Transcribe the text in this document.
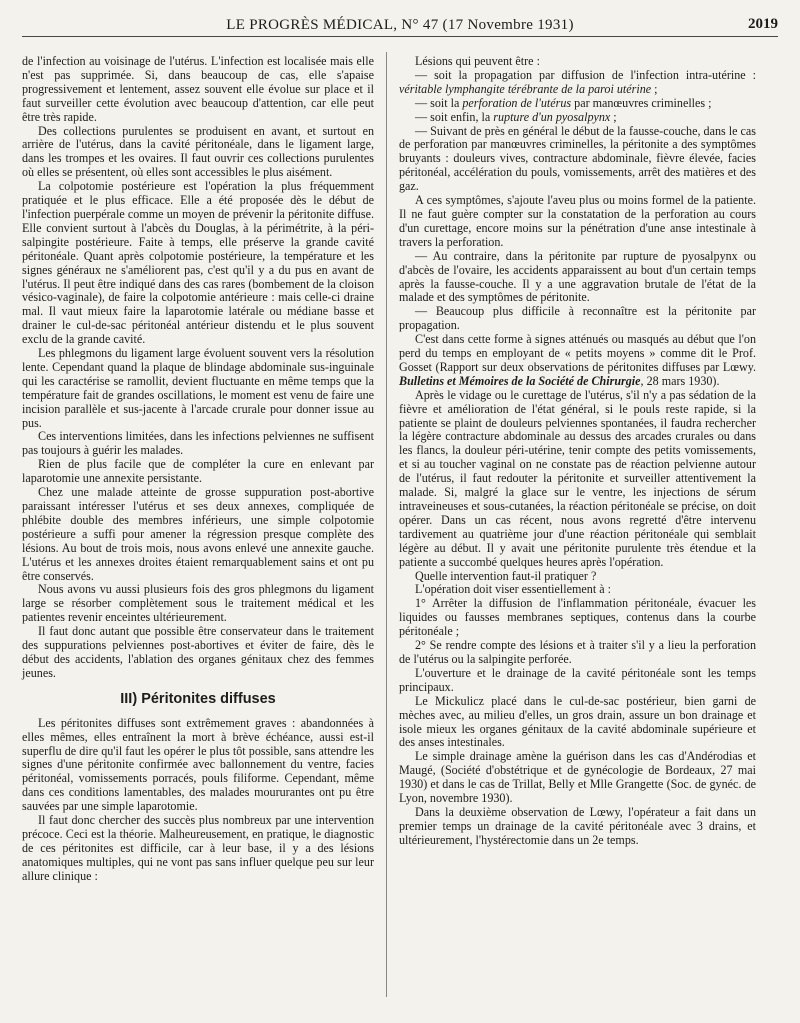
LE PROGRÈS MÉDICAL, N° 47 (17 Novembre 1931)	2019

de l'infection au voisinage de l'utérus. L'infection est localisée mais elle n'est pas supprimée. Si, dans beaucoup de cas, elle s'apaise progressivement et lentement, assez souvent elle évolue sur place et il faut surveiller cette évolution avec beaucoup d'attention, car elle peut être très rapide.

Des collections purulentes se produisent en avant, et surtout en arrière de l'utérus, dans la cavité péritonéale, dans le ligament large, dans les trompes et les ovaires. Il faut ouvrir ces collections purulentes où elles se présentent, où elles sont accessibles le plus aisément.

La colpotomie postérieure est l'opération la plus fréquemment pratiquée et le plus efficace. Elle a été proposée dès le début de l'infection puerpérale comme un moyen de prévenir la péritonite diffuse. Elle convient surtout à l'abcès du Douglas, à la périmétrite, à la péri-salpingite postérieure. Faite à temps, elle préserve la grande cavité péritonéale. Quant après colpotomie postérieure, la température et les signes généraux ne s'améliorent pas, c'est qu'il y a du pus en avant de l'utérus. Il peut être indiqué dans des cas rares (bombement de la cloison vésico-vaginale), de faire la colpotomie antérieure : mais celle-ci draine mal. Il vaut mieux faire la laparotomie latérale ou médiane basse et drainer le cul-de-sac péritonéal antérieur distendu et le plus souvent exclu de la grande cavité.

Les phlegmons du ligament large évoluent souvent vers la résolution lente. Cependant quand la plaque de blindage abdominale sus-inguinale qui les caractérise se ramollit, devient fluctuante en même temps que la température fait de grandes oscillations, le moment est venu de faire une incision parallèle et sus-jacente à l'arcade crurale pour donner issue au pus.

Ces interventions limitées, dans les infections pelviennes ne suffisent pas toujours à guérir les malades.

Rien de plus facile que de compléter la cure en enlevant par laparotomie une annexite persistante.

Chez une malade atteinte de grosse suppuration post-abortive paraissant intéresser l'utérus et ses deux annexes, compliquée de phlébite double des membres inférieurs, une simple colpotomie postérieure a suffi pour amener la régression presque complète des lésions. Au bout de trois mois, nous avons enlevé une annexite gauche. L'utérus et les annexes droites étaient remarquablement sains et ont pu être conservés.

Nous avons vu aussi plusieurs fois des gros phlegmons du ligament large se résorber complètement sous le traitement médical et les patientes revenir enceintes ultérieurement.

Il faut donc autant que possible être conservateur dans le traitement des suppurations pelviennes post-abortives et éviter de faire, dès le début des accidents, l'ablation des organes génitaux chez des femmes jeunes.

III) Péritonites diffuses

Les péritonites diffuses sont extrêmement graves : abandonnées à elles mêmes, elles entraînent la mort à brève échéance, aussi est-il superflu de dire qu'il faut les opérer le plus tôt possible, sans attendre les signes d'une péritonite confirmée avec ballonnement du ventre, facies péritonéal, vomissements porracés, pouls filiforme. Cependant, même dans ces conditions lamentables, des malades moururantes ont pu être sauvées par une simple laparotomie.

Il faut donc chercher des succès plus nombreux par une intervention précoce. Ceci est la théorie. Malheureusement, en pratique, le diagnostic de ces péritonites est difficile, car à leur base, il y a des lésions anatomiques multiples, qui ne vont pas sans influer quelque peu sur leur allure clinique :

Lésions qui peuvent être :

— soit la propagation par diffusion de l'infection intra-utérine : véritable lymphangite térébrante de la paroi utérine ;

— soit la perforation de l'utérus par manœuvres criminelles ;

— soit enfin, la rupture d'un pyosalpynx ;

— Suivant de près en général le début de la fausse-couche, dans le cas de perforation par manœuvres criminelles, la péritonite a des symptômes bruyants : douleurs vives, contracture abdominale, fièvre élevée, facies péritonéal, accélération du pouls, vomissements, arrêt des matières et des gaz.

A ces symptômes, s'ajoute l'aveu plus ou moins formel de la patiente. Il ne faut guère compter sur la constatation de la perforation au cours d'un curettage, encore moins sur la pénétration d'une anse intestinale à travers la perforation.

— Au contraire, dans la péritonite par rupture de pyosalpynx ou d'abcès de l'ovaire, les accidents apparaissent au bout d'un certain temps après la fausse-couche. Il y a une aggravation brutale de l'état de la malade et des symptômes de péritonite.

— Beaucoup plus difficile à reconnaître est la péritonite par propagation.

C'est dans cette forme à signes atténués ou masqués au début que l'on perd du temps en employant de « petits moyens » comme dit le Prof. Gosset (Rapport sur deux observations de péritonites diffuses par Lœwy. Bulletins et Mémoires de la Société de Chirurgie, 28 mars 1930).

Après le vidage ou le curettage de l'utérus, s'il n'y a pas sédation de la fièvre et amélioration de l'état général, si le pouls reste rapide, si la patiente se plaint de douleurs pelviennes spontanées, il faudra rechercher la légère contracture abdominale au dessus des arcades crurales ou dans les flancs, la douleur péri-utérine, tenir compte des petits vomissements, et si au toucher vaginal on ne constate pas de réaction pelvienne autour de l'utérus, il faut redouter la péritonite et surveiller attentivement la malade. Si, malgré la glace sur le ventre, les injections de sérum intraveineuses et sous-cutanées, la réaction péritonéale se précise, on doit opérer. Dans un cas récent, nous avons regretté d'être intervenu tardivement au quatrième jour d'une réaction péritonéale qui semblait légère au début. Il y avait une péritonite purulente très étendue et la patiente a succombé quelques heures après l'opération.

Quelle intervention faut-il pratiquer ?

L'opération doit viser essentiellement à :

1° Arrêter la diffusion de l'inflammation péritonéale, évacuer les liquides ou fausses membranes septiques, contenus dans la courbe péritonéale ;

2° Se rendre compte des lésions et à traiter s'il y a lieu la perforation de l'utérus ou la salpingite perforée.

L'ouverture et le drainage de la cavité péritonéale sont les temps principaux.

Le Mickulicz placé dans le cul-de-sac postérieur, bien garni de mèches avec, au milieu d'elles, un gros drain, assure un bon drainage et isole mieux les organes génitaux de la cavité abdominale supérieure et des anses intestinales.

Le simple drainage amène la guérison dans les cas d'Andérodias et Maugé, (Société d'obstétrique et de gynécologie de Bordeaux, 27 mai 1930) et dans le cas de Trillat, Belly et Mlle Grangette (Soc. de gynéc. de Lyon, novembre 1930).

Dans la deuxième observation de Lœwy, l'opérateur a fait dans un premier temps un drainage de la cavité péritonéale avec 3 drains, et ultérieurement, l'hystérectomie dans un 2e temps.
